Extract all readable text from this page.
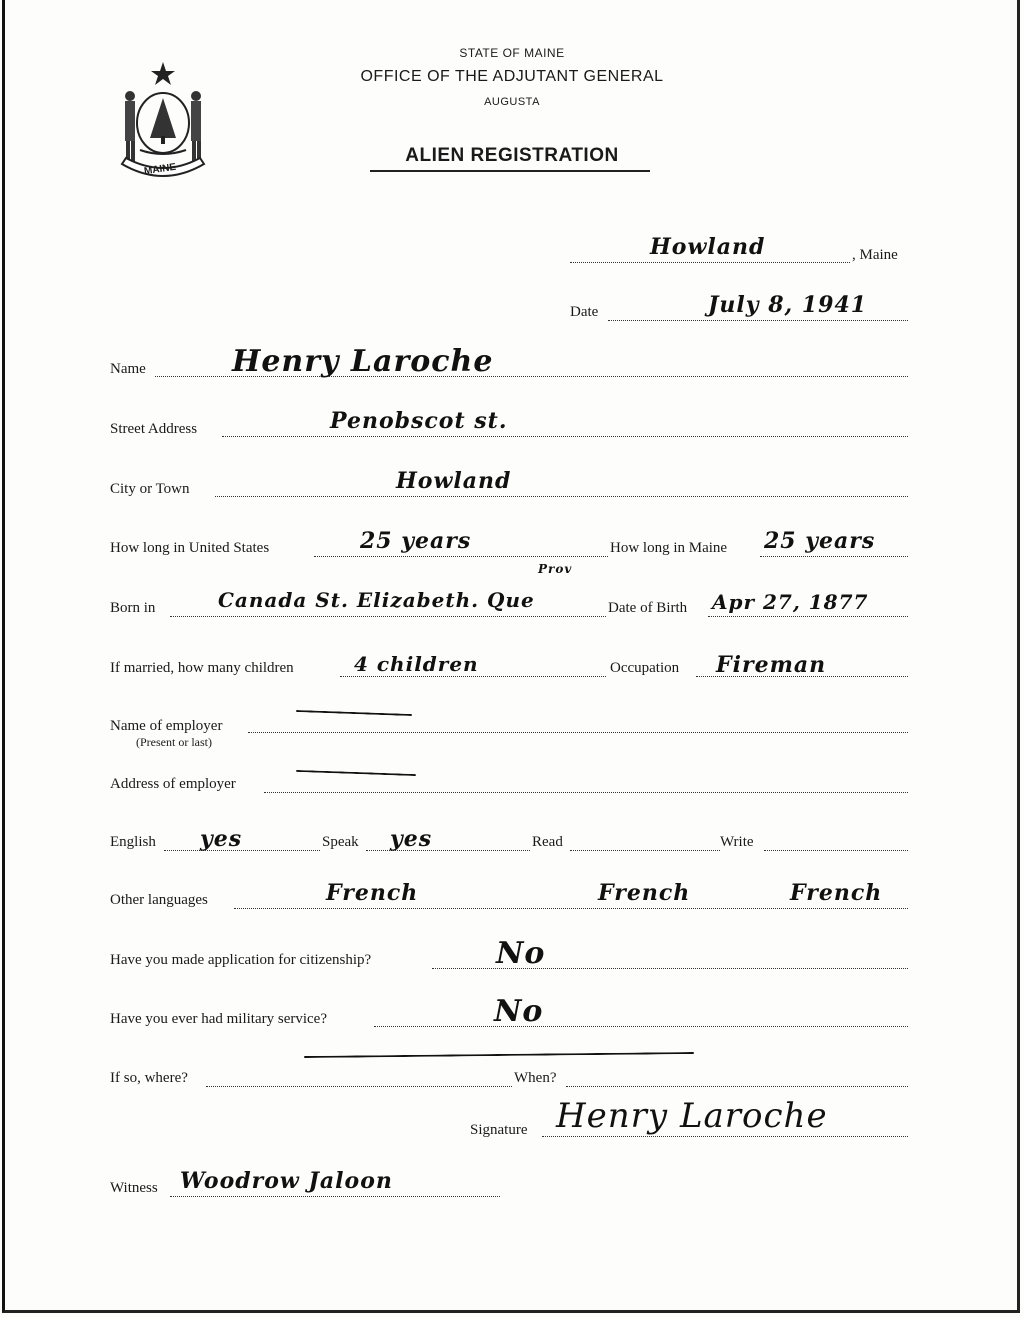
MAINE
STATE OF MAINE
OFFICE OF THE ADJUTANT GENERAL
AUGUSTA
ALIEN REGISTRATION
Howland	, Maine
Date	July 8, 1941
Name	Henry Laroche
Street Address	Penobscot st.
City or Town	Howland
How long in United States	25 years	How long in Maine 25 years
Born in	Canada St. Elizabeth. Que
Prov
Date of Birth Apr 27, 1877
If married, how many children	4 children	Occupation Fireman
Name of employer
(Present or last)
Address of employer
English yes	Speak yes	Read	Write
Other languages	French	French	French
Have you made application for citizenship?	No
Have you ever had military service?	No
If so, where?	When?
Signature Henry Laroche
Witness Woodrow Jaloon
